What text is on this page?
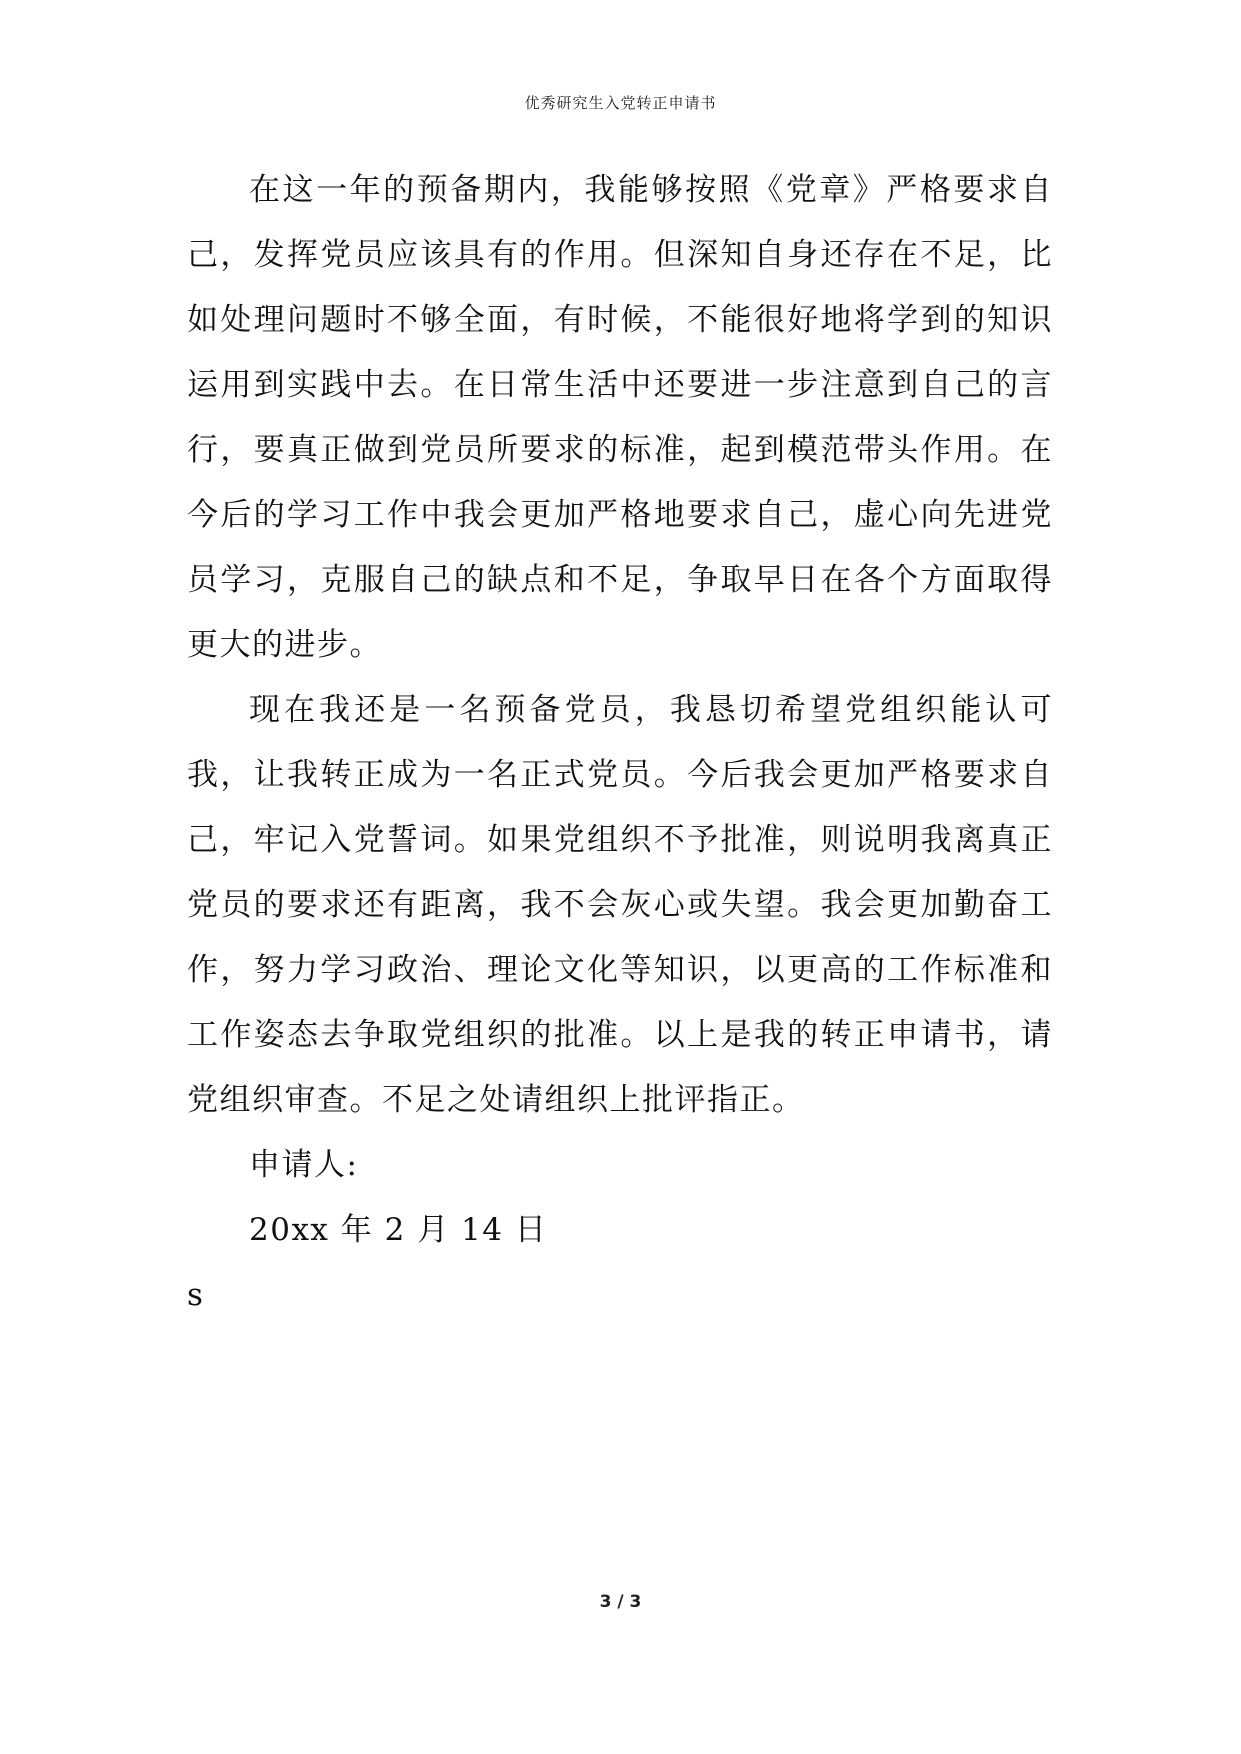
优秀研究生入党转正申请书

在这一年的预备期内，我能够按照《党章》严格要求自己，发挥党员应该具有的作用。但深知自身还存在不足，比如处理问题时不够全面，有时候，不能很好地将学到的知识运用到实践中去。在日常生活中还要进一步注意到自己的言行，要真正做到党员所要求的标准，起到模范带头作用。在今后的学习工作中我会更加严格地要求自己，虚心向先进党员学习，克服自己的缺点和不足，争取早日在各个方面取得更大的进步。

现在我还是一名预备党员，我恳切希望党组织能认可我，让我转正成为一名正式党员。今后我会更加严格要求自己，牢记入党誓词。如果党组织不予批准，则说明我离真正党员的要求还有距离，我不会灰心或失望。我会更加勤奋工作，努力学习政治、理论文化等知识，以更高的工作标准和工作姿态去争取党组织的批准。以上是我的转正申请书，请党组织审查。不足之处请组织上批评指正。

申请人:

20xx 年 2 月 14 日

s

3 / 3
